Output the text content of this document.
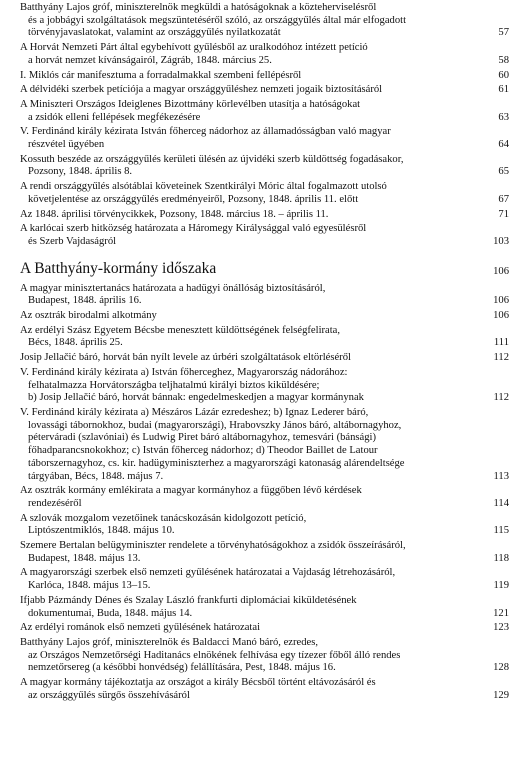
Batthyány Lajos gróf, miniszterelnök megküldi a hatóságoknak a közteherviselésről
és a jobbágyi szolgáltatások megszüntetéséről szóló, az országgyűlés által már elfogadott
törvényjavaslatokat, valamint az országgyűlés nyilatkozatát	57
A Horvát Nemzeti Párt által egybehívott gyűlésből az uralkodóhoz intézett petíció
a horvát nemzet kívánságairól, Zágráb, 1848. március 25.	58
I. Miklós cár manifesztuma a forradalmakkal szembeni fellépésről	60
A délvidéki szerbek petíciója a magyar országgyűléshez nemzeti jogaik biztosításáról	61
A Miniszteri Országos Ideiglenes Bizottmány körlevélben utasítja a hatóságokat
a zsidók elleni fellépések megfékezésére	63
V. Ferdinánd király kézirata István főherceg nádorhoz az államadósságban való magyar
részvétel ügyében	64
Kossuth beszéde az országgyűlés kerületi ülésén az újvidéki szerb küldöttség fogadásakor,
Pozsony, 1848. április 8.	65
A rendi országgyűlés alsótáblai követeinek Szentkirályi Móric által fogalmazott utolsó
követjelentése az országgyűlés eredményeiről, Pozsony, 1848. április 11. előtt	67
Az 1848. áprilisi törvénycikkek, Pozsony, 1848. március 18. – április 11.	71
A karlócai szerb hitközség határozata a Háromegy Királysággal való egyesülésről
és Szerb Vajdaságról	103
A Batthyány-kormány időszaka	106
A magyar minisztertanács határozata a hadügyi önállóság biztosításáról,
Budapest, 1848. április 16.	106
Az osztrák birodalmi alkotmány	106
Az erdélyi Szász Egyetem Bécsbe menesztett küldöttségének felségfelirata,
Bécs, 1848. április 25.	111
Josip Jellačić báró, horvát bán nyílt levele az úrbéri szolgáltatások eltörléséről	112
V. Ferdinánd király kézirata a) István főherceghez, Magyarország nádorához:
felhatalmazza Horvátországba teljhatalmú királyi biztos kiküldésére;
b) Josip Jellačić báró, horvát bánnak: engedelmeskedjen a magyar kormánynak	112
V. Ferdinánd király kézirata a) Mészáros Lázár ezredeshez; b) Ignaz Lederer báró,
lovassági tábornokhoz, budai (magyarországi), Hrabovszky János báró, altábornagyhoz,
péterváradi (szlavóniai) és Ludwig Piret báró altábornagyhoz, temesvári (bánsági)
főhadparancsnokokhoz; c) István főherceg nádorhoz; d) Theodor Baillet de Latour
táborszernagyhoz, cs. kir. hadügyminiszterhez a magyarországi katonaság alárendeltsége
tárgyában, Bécs, 1848. május 7.	113
Az osztrák kormány emlékirata a magyar kormányhoz a függőben lévő kérdések
rendezéséről	114
A szlovák mozgalom vezetőinek tanácskozásán kidolgozott petíció,
Liptószentmiklós, 1848. május 10.	115
Szemere Bertalan belügyminiszter rendelete a törvényhatóságokhoz a zsidók összeírásáról,
Budapest, 1848. május 13.	118
A magyarországi szerbek első nemzeti gyűlésének határozatai a Vajdaság létrehozásáról,
Karlóca, 1848. május 13–15.	119
Ifjabb Pázmándy Dénes és Szalay László frankfurti diplomáciai kiküldetésének
dokumentumai, Buda, 1848. május 14.	121
Az erdélyi románok első nemzeti gyűlésének határozatai	123
Batthyány Lajos gróf, miniszterelnök és Baldacci Manó báró, ezredes,
az Országos Nemzetőrségi Haditanács elnökének felhívása egy tízezer főből álló rendes
nemzetőrsereg (a későbbi honvédség) felállítására, Pest, 1848. május 16.	128
A magyar kormány tájékoztatja az országot a király Bécsből történt eltávozásáról és
az országgyűlés sürgős összehívásáról	129
